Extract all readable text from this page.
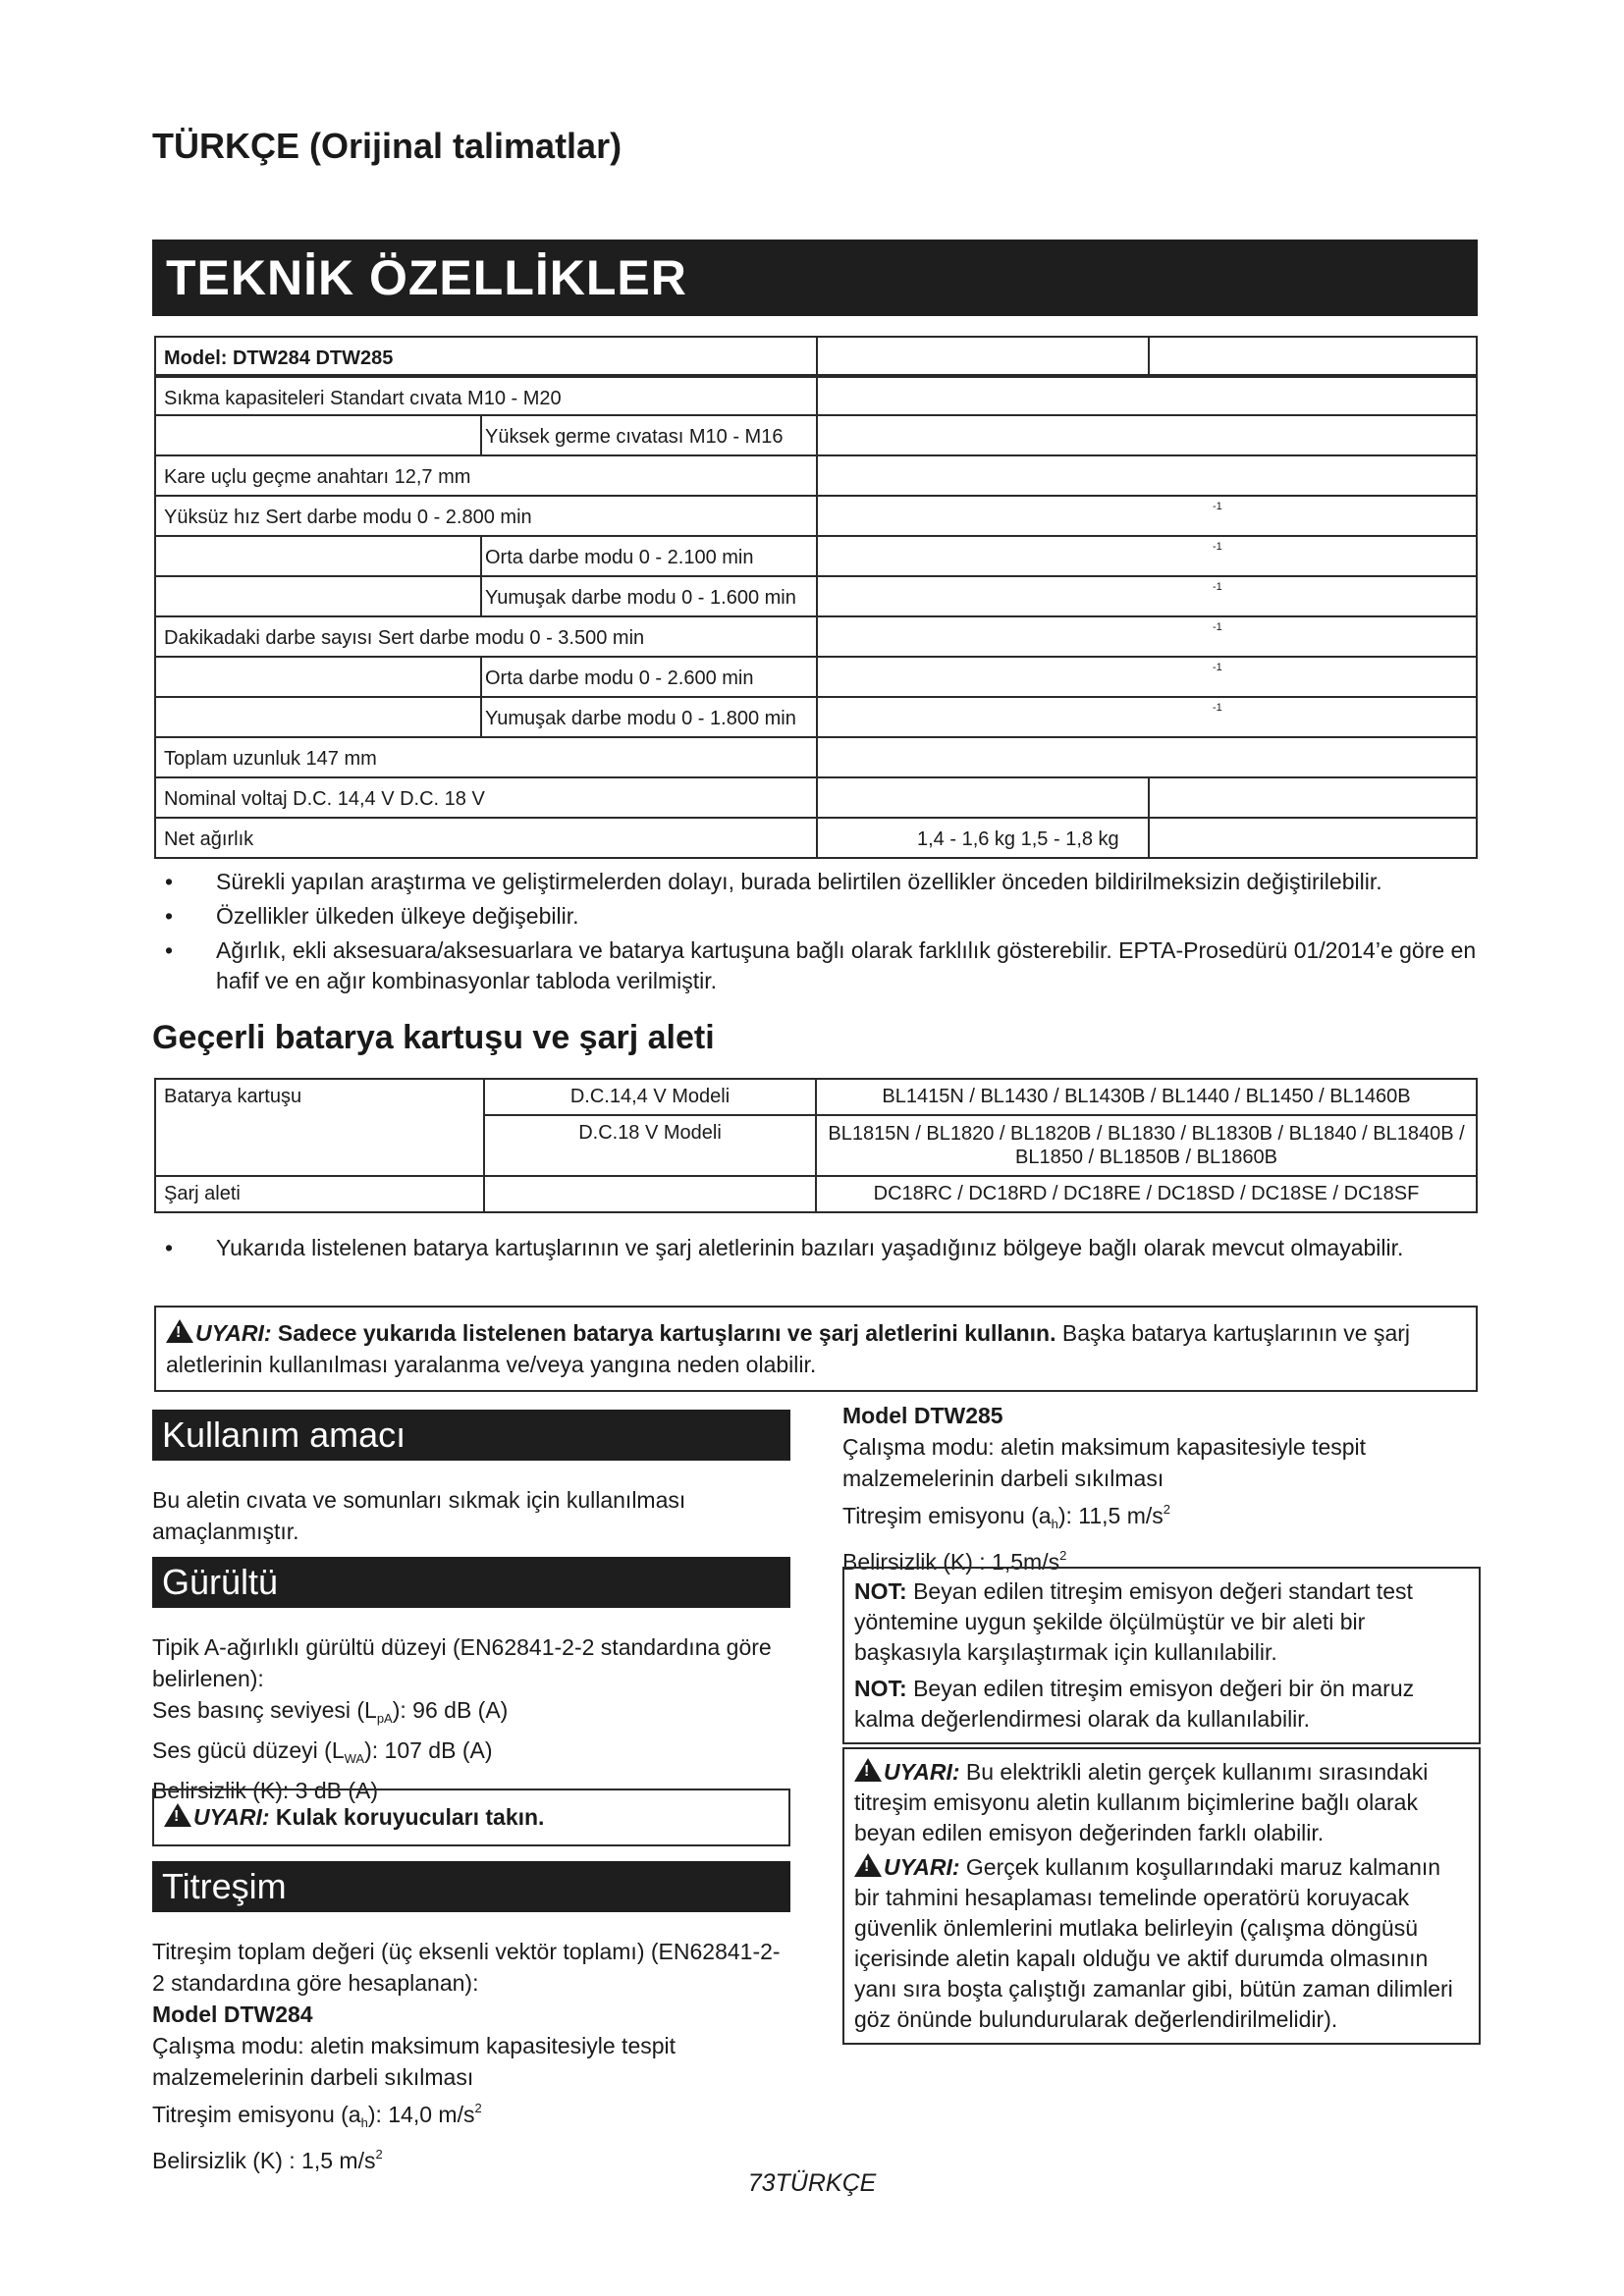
TÜRKÇE (Orijinal talimatlar)
TEKNİK ÖZELLİKLER
Model: DTW284 DTW285
Sıkma kapasiteleri Standart cıvata M10 - M20
Yüksek germe cıvatası M10 - M16
Kare uçlu geçme anahtarı 12,7 mm
Yüksüz hız Sert darbe modu 0 - 2.800 min	-1
Orta darbe modu 0 - 2.100 min	-1
Yumuşak darbe modu 0 - 1.600 min	-1
Dakikadaki darbe sayısı Sert darbe modu 0 - 3.500 min	-1
Orta darbe modu 0 - 2.600 min	-1
Yumuşak darbe modu 0 - 1.800 min	-1
Toplam uzunluk 147 mm
Nominal voltaj D.C. 14,4 V D.C. 18 V
Net ağırlık	1,4 - 1,6 kg 1,5 - 1,8 kg
• Sürekli yapılan araştırma ve geliştirmelerden dolayı, burada belirtilen özellikler önceden bildirilmeksizin değiştirilebilir.
• Özellikler ülkeden ülkeye değişebilir.
• Ağırlık, ekli aksesuara/aksesuarlara ve batarya kartuşuna bağlı olarak farklılık gösterebilir. EPTA-Prosedürü 01/2014’e göre en hafif ve en ağır kombinasyonlar tabloda verilmiştir.
Geçerli batarya kartuşu ve şarj aleti
Batarya kartuşu	D.C.14,4 V Modeli	BL1415N / BL1430 / BL1430B / BL1440 / BL1450 / BL1460B
	D.C.18 V Modeli	BL1815N / BL1820 / BL1820B / BL1830 / BL1830B / BL1840 / BL1840B / BL1850 / BL1850B / BL1860B
Şarj aleti		DC18RC / DC18RD / DC18RE / DC18SD / DC18SE / DC18SF
• Yukarıda listelenen batarya kartuşlarının ve şarj aletlerinin bazıları yaşadığınız bölgeye bağlı olarak mevcut olmayabilir.
!UYARI: Sadece yukarıda listelenen batarya kartuşlarını ve şarj aletlerini kullanın. Başka batarya kartuşlarının ve şarj aletlerinin kullanılması yaralanma ve/veya yangına neden olabilir.
Kullanım amacı
Bu aletin cıvata ve somunları sıkmak için kullanılması amaçlanmıştır.
Gürültü
Tipik A-ağırlıklı gürültü düzeyi (EN62841-2-2 standardına göre belirlenen):
Ses basınç seviyesi $(L_{pA})$: 96 dB (A)
Ses gücü düzeyi $(L_{WA})$: 107 dB (A)
Belirsizlik (K): 3 dB (A)
!UYARI: Kulak koruyucuları takın.
Titreşim
Titreşim toplam değeri (üç eksenli vektör toplamı) (EN62841-2-2 standardına göre hesaplanan):
Model DTW284
Çalışma modu: aletin maksimum kapasitesiyle tespit malzemelerinin darbeli sıkılması
Titreşim emisyonu $(a_h)$: 14,0 $m/s^2$
Belirsizlik (K) : 1,5 $m/s^2$
Model DTW285
Çalışma modu: aletin maksimum kapasitesiyle tespit malzemelerinin darbeli sıkılması
Titreşim emisyonu $(a_h)$: 11,5 $m/s^2$
Belirsizlik (K) : $1,5m/s^2$
NOT: Beyan edilen titreşim emisyon değeri standart test yöntemine uygun şekilde ölçülmüştür ve bir aleti bir başkasıyla karşılaştırmak için kullanılabilir.
NOT: Beyan edilen titreşim emisyon değeri bir ön maruz kalma değerlendirmesi olarak da kullanılabilir.
!UYARI: Bu elektrikli aletin gerçek kullanımı sırasındaki titreşim emisyonu aletin kullanım biçimlerine bağlı olarak beyan edilen emisyon değerinden farklı olabilir.
!UYARI: Gerçek kullanım koşullarındaki maruz kalmanın bir tahmini hesaplaması temelinde operatörü koruyacak güvenlik önlemlerini mutlaka belirleyin (çalışma döngüsü içerisinde aletin kapalı olduğu ve aktif durumda olmasının yanı sıra boşta çalıştığı zamanlar gibi, bütün zaman dilimleri göz önünde bulundurularak değerlendirilmelidir).
73TÜRKÇE
